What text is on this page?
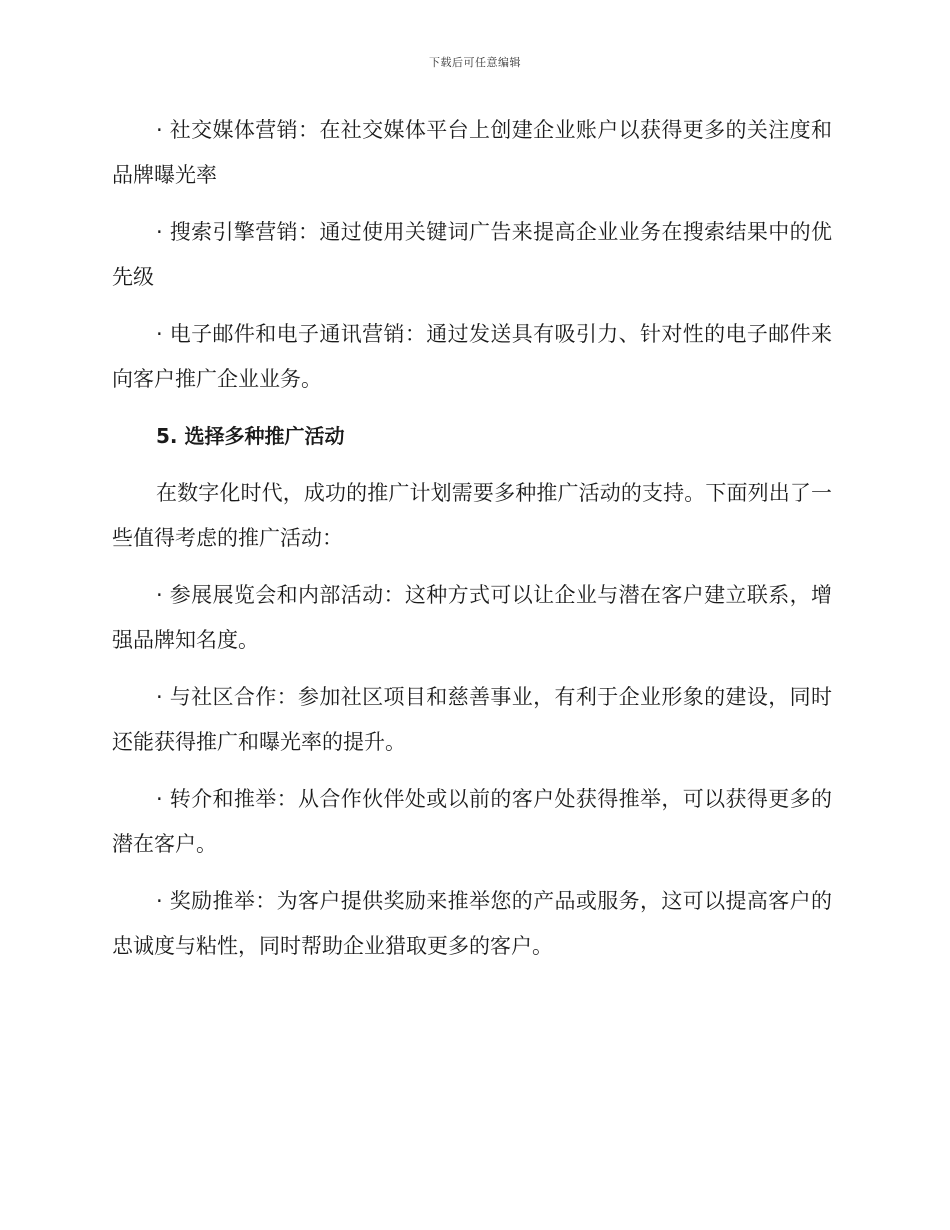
下载后可任意编辑

· 社交媒体营销：在社交媒体平台上创建企业账户以获得更多的关注度和品牌曝光率

· 搜索引擎营销：通过使用关键词广告来提高企业业务在搜索结果中的优先级

· 电子邮件和电子通讯营销：通过发送具有吸引力、针对性的电子邮件来向客户推广企业业务。

5. 选择多种推广活动

在数字化时代，成功的推广计划需要多种推广活动的支持。下面列出了一些值得考虑的推广活动：

· 参展展览会和内部活动：这种方式可以让企业与潜在客户建立联系，增强品牌知名度。

· 与社区合作：参加社区项目和慈善事业，有利于企业形象的建设，同时还能获得推广和曝光率的提升。

· 转介和推举：从合作伙伴处或以前的客户处获得推举，可以获得更多的潜在客户。

· 奖励推举：为客户提供奖励来推举您的产品或服务，这可以提高客户的忠诚度与粘性，同时帮助企业猎取更多的客户。
